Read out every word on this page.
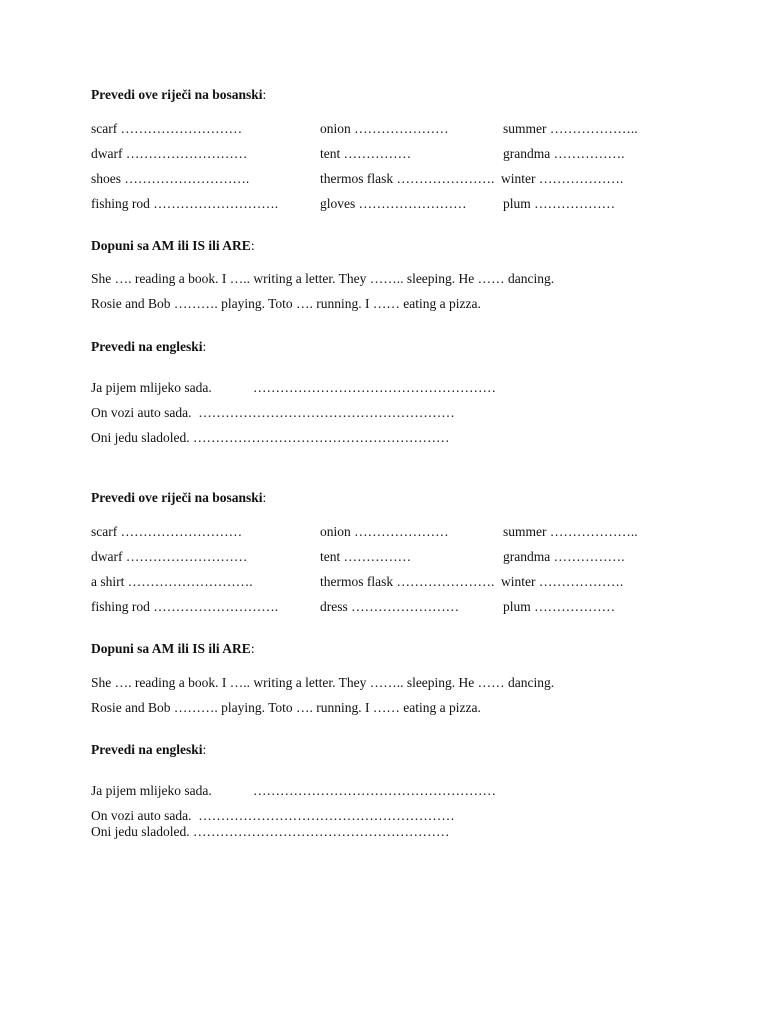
Prevedi ove riječi na bosanski:
scarf ………………………	onion …………………	summer ………………..
dwarf ………………………	tent ……………	grandma …………….
shoes ……………………….	thermos flask …………………. winter ……………….
fishing rod ……………………….	gloves ……………………	plum ………………
Dopuni sa AM ili IS ili ARE:
She …. reading a book. I ….. writing a letter. They …….. sleeping. He …… dancing.
Rosie and Bob ………. playing. Toto …. running. I …… eating a pizza.
Prevedi na engleski:
Ja pijem mlijeko sada.	………………………………………………
On vozi auto sada. …………………………………………………
Oni jedu sladoled. …………………………………………………
Prevedi ove riječi na bosanski:
scarf ………………………	onion …………………	summer ………………..
dwarf ………………………	tent ……………	grandma …………….
a shirt ……………………….	thermos flask …………………. winter ……………….
fishing rod ……………………….	dress ……………………	plum ………………
Dopuni sa AM ili IS ili ARE:
She …. reading a book. I ….. writing a letter. They …….. sleeping. He …… dancing.
Rosie and Bob ………. playing. Toto …. running. I …… eating a pizza.
Prevedi na engleski:
Ja pijem mlijeko sada.	………………………………………………
On vozi auto sada. …………………………………………………
Oni jedu sladoled. …………………………………………………
